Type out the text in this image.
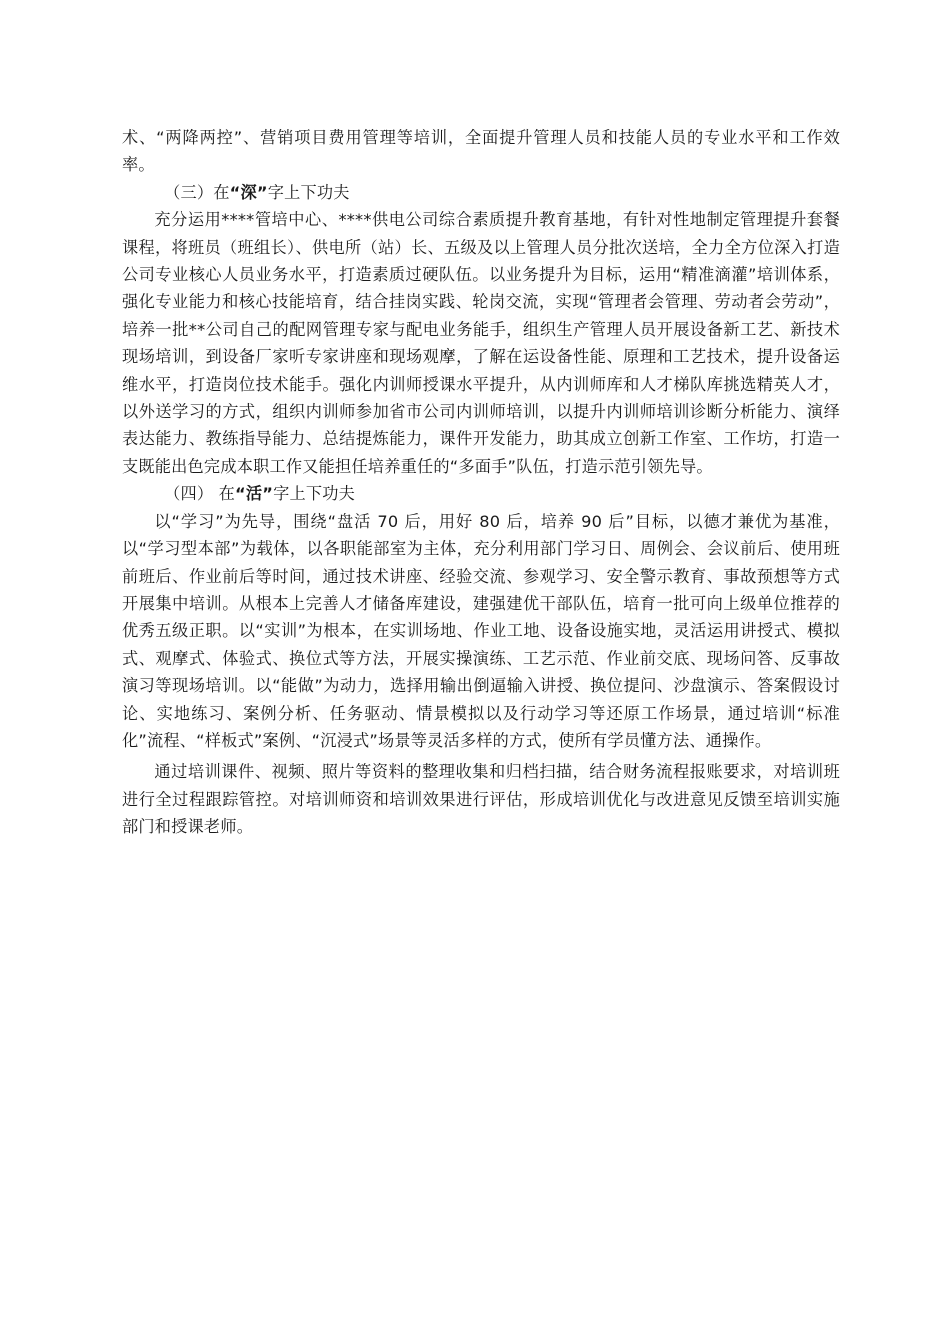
术、“两降两控”、营销项目费用管理等培训，全面提升管理人员和技能人员的专业水平和工作效率。

（三）在“深”字上下功夫

充分运用****管培中心、****供电公司综合素质提升教育基地，有针对性地制定管理提升套餐课程，将班员（班组长）、供电所（站）长、五级及以上管理人员分批次送培，全力全方位深入打造公司专业核心人员业务水平，打造素质过硬队伍。以业务提升为目标，运用“精准滴灌”培训体系，强化专业能力和核心技能培育，结合挂岗实践、轮岗交流，实现“管理者会管理、劳动者会劳动”，培养一批**公司自己的配网管理专家与配电业务能手，组织生产管理人员开展设备新工艺、新技术现场培训，到设备厂家听专家讲座和现场观摩，了解在运设备性能、原理和工艺技术，提升设备运维水平，打造岗位技术能手。强化内训师授课水平提升，从内训师库和人才梯队库挑选精英人才，以外送学习的方式，组织内训师参加省市公司内训师培训，以提升内训师培训诊断分析能力、演绎表达能力、教练指导能力、总结提炼能力，课件开发能力，助其成立创新工作室、工作坊，打造一支既能出色完成本职工作又能担任培养重任的“多面手”队伍，打造示范引领先导。

（四） 在“活”字上下功夫

以“学习”为先导，围绕“盘活 70 后，用好 80 后，培养 90 后”目标，以德才兼优为基准，以“学习型本部”为载体，以各职能部室为主体，充分利用部门学习日、周例会、会议前后、使用班前班后、作业前后等时间，通过技术讲座、经验交流、参观学习、安全警示教育、事故预想等方式开展集中培训。从根本上完善人才储备库建设，建强建优干部队伍，培育一批可向上级单位推荐的优秀五级正职。以“实训”为根本，在实训场地、作业工地、设备设施实地，灵活运用讲授式、模拟式、观摩式、体验式、换位式等方法，开展实操演练、工艺示范、作业前交底、现场问答、反事故演习等现场培训。以“能做”为动力，选择用输出倒逼输入讲授、换位提问、沙盘演示、答案假设讨论、实地练习、案例分析、任务驱动、情景模拟以及行动学习等还原工作场景，通过培训“标准化”流程、“样板式”案例、“沉浸式”场景等灵活多样的方式，使所有学员懂方法、通操作。

通过培训课件、视频、照片等资料的整理收集和归档扫描，结合财务流程报账要求，对培训班进行全过程跟踪管控。对培训师资和培训效果进行评估，形成培训优化与改进意见反馈至培训实施部门和授课老师。
